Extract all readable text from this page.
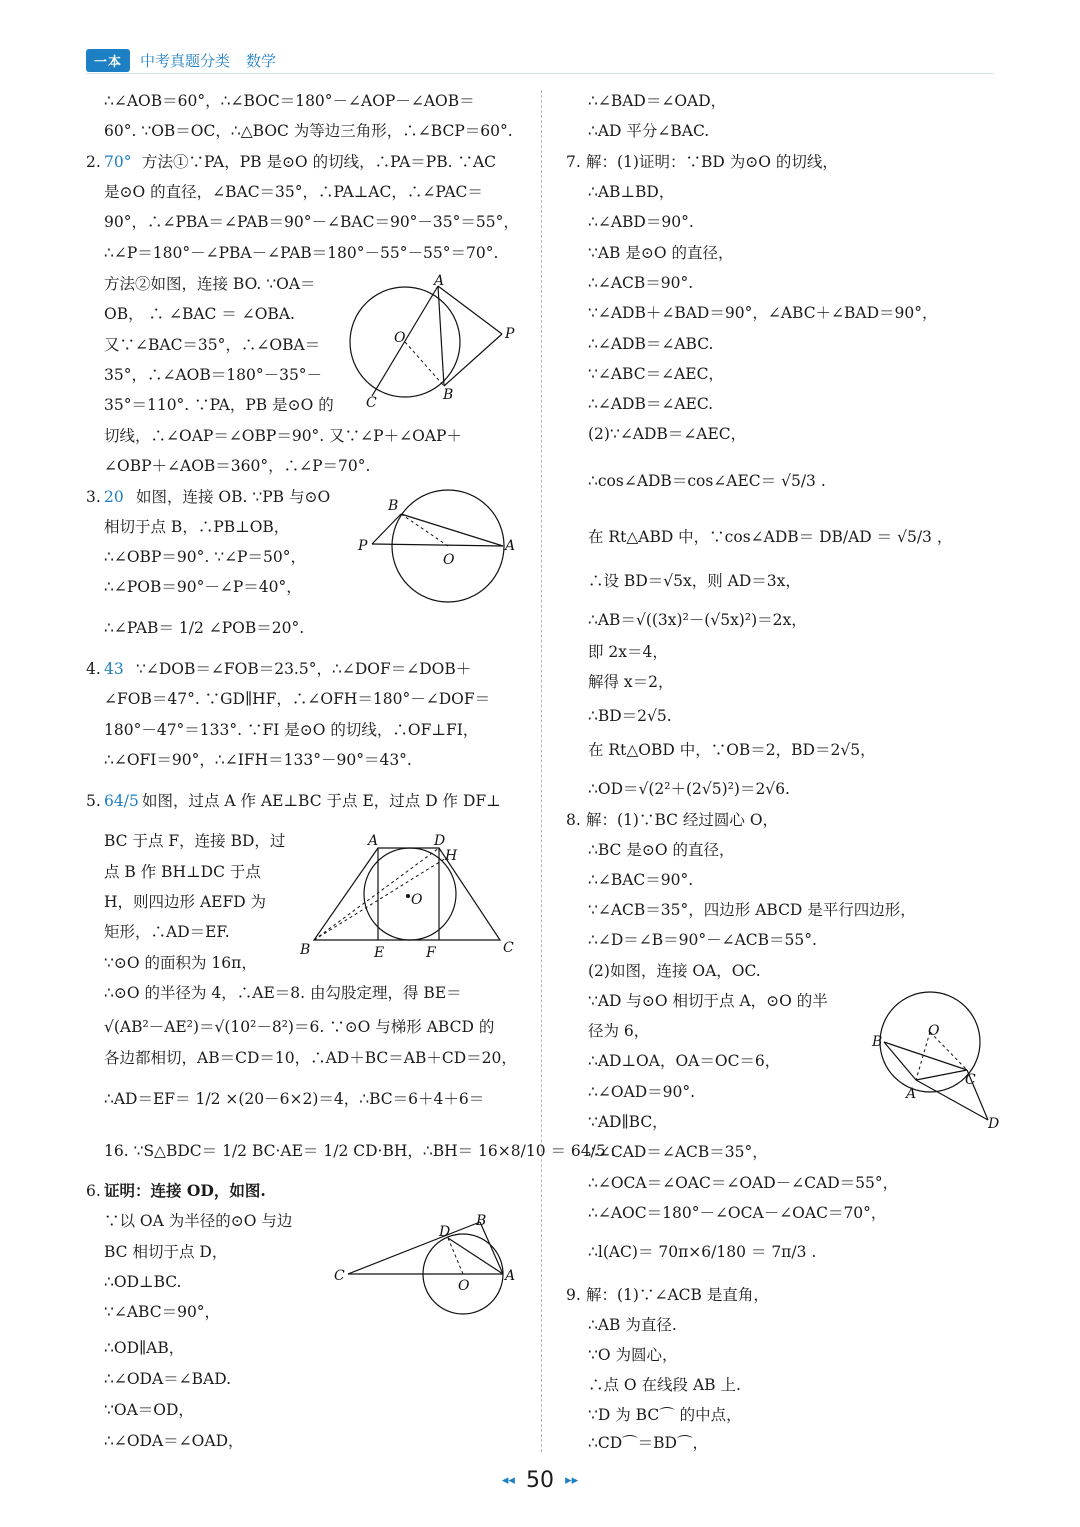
一本	中考真题分类 数学
∴∠AOB＝60°，∴∠BOC＝180°－∠AOP－∠AOB＝
60°. ∵OB＝OC，∴△BOC 为等边三角形，∴∠BCP＝60°.
2. 70° 方法①∵PA，PB 是⊙O 的切线，∴PA＝PB. ∵AC
是⊙O 的直径，∠BAC＝35°，∴PA⊥AC，∴∠PAC＝
90°，∴∠PBA＝∠PAB＝90°－∠BAC＝90°－35°＝55°，
∴∠P＝180°－∠PBA－∠PAB＝180°－55°－55°＝70°.
方法②如图，连接 BO. ∵OA＝
OB， ∴ ∠BAC ＝ ∠OBA.
又∵∠BAC＝35°，∴∠OBA＝
35°，∴∠AOB＝180°－35°－
35°＝110°. ∵PA，PB 是⊙O 的
切线，∴∠OAP＝∠OBP＝90°. 又∵∠P＋∠OAP＋
∠OBP＋∠AOB＝360°，∴∠P＝70°.
3. 20 如图，连接 OB. ∵PB 与⊙O
相切于点 B，∴PB⊥OB，
∴∠OBP＝90°. ∵∠P＝50°，
∴∠POB＝90°－∠P＝40°，
∴∠PAB＝ 1/2 ∠POB＝20°.
4. 43 ∵∠DOB＝∠FOB＝23.5°，∴∠DOF＝∠DOB＋
∠FOB＝47°. ∵GD∥HF，∴∠OFH＝180°－∠DOF＝
180°－47°＝133°. ∵FI 是⊙O 的切线，∴OF⊥FI，
∴∠OFI＝90°，∴∠IFH＝133°－90°＝43°.
5. 64/5 如图，过点 A 作 AE⊥BC 于点 E，过点 D 作 DF⊥
BC 于点 F，连接 BD，过
点 B 作 BH⊥DC 于点
H，则四边形 AEFD 为
矩形，∴AD＝EF.
∵⊙O 的面积为 16π，
∴⊙O 的半径为 4，∴AE＝8. 由勾股定理，得 BE＝
√(AB²－AE²)＝√(10²－8²)＝6. ∵⊙O 与梯形 ABCD 的
各边都相切，AB＝CD＝10，∴AD＋BC＝AB＋CD＝20，
∴AD＝EF＝ 1/2 ×(20－6×2)＝4，∴BC＝6＋4＋6＝
16. ∵S△BDC＝ 1/2 BC·AE＝ 1/2 CD·BH，∴BH＝ 16×8/10 ＝ 64/5 .
6. 证明：连接 OD，如图.
∵以 OA 为半径的⊙O 与边
BC 相切于点 D，
∴OD⊥BC.
∵∠ABC＝90°，
∴OD∥AB，
∴∠ODA＝∠BAD.
∵OA＝OD，
∴∠ODA＝∠OAD，
A
O	P
B
C
B
P
O
A
A	D
H
O
B	E	F	C
D
B
C
O
A
∴∠BAD＝∠OAD，
∴AD 平分∠BAC.
7. 解：(1)证明：∵BD 为⊙O 的切线，
∴AB⊥BD，
∴∠ABD＝90°.
∵AB 是⊙O 的直径，
∴∠ACB＝90°.
∵∠ADB＋∠BAD＝90°，∠ABC＋∠BAD＝90°，
∴∠ADB＝∠ABC.
∵∠ABC＝∠AEC，
∴∠ADB＝∠AEC.
(2)∵∠ADB＝∠AEC，
∴cos∠ADB＝cos∠AEC＝ √5/3 .
在 Rt△ABD 中，∵cos∠ADB＝ DB/AD ＝ √5/3 ，
∴设 BD＝√5x，则 AD＝3x，
∴AB＝√((3x)²－(√5x)²)＝2x，
即 2x＝4，
解得 x＝2，
∴BD＝2√5.
在 Rt△OBD 中，∵OB＝2，BD＝2√5，
∴OD＝√(2²＋(2√5)²)＝2√6.
8. 解：(1)∵BC 经过圆心 O，
∴BC 是⊙O 的直径，
∴∠BAC＝90°.
∵∠ACB＝35°，四边形 ABCD 是平行四边形，
∴∠D＝∠B＝90°－∠ACB＝55°.
(2)如图，连接 OA，OC.
∵AD 与⊙O 相切于点 A，⊙O 的半
径为 6，
∴AD⊥OA，OA＝OC＝6，
∴∠OAD＝90°.
∵AD∥BC，
∴∠CAD＝∠ACB＝35°，
∴∠OCA＝∠OAC＝∠OAD－∠CAD＝55°，
∴∠AOC＝180°－∠OCA－∠OAC＝70°，
∴l(AC)＝ 70π×6/180 ＝ 7π/3 .
9. 解：(1)∵∠ACB 是直角，
∴AB 为直径.
∵O 为圆心，
∴点 O 在线段 AB 上.
∵D 为 BC⌒ 的中点，
∴CD⌒＝BD⌒，
O
B
C
A
D
◂◂ 50 ▸▸
